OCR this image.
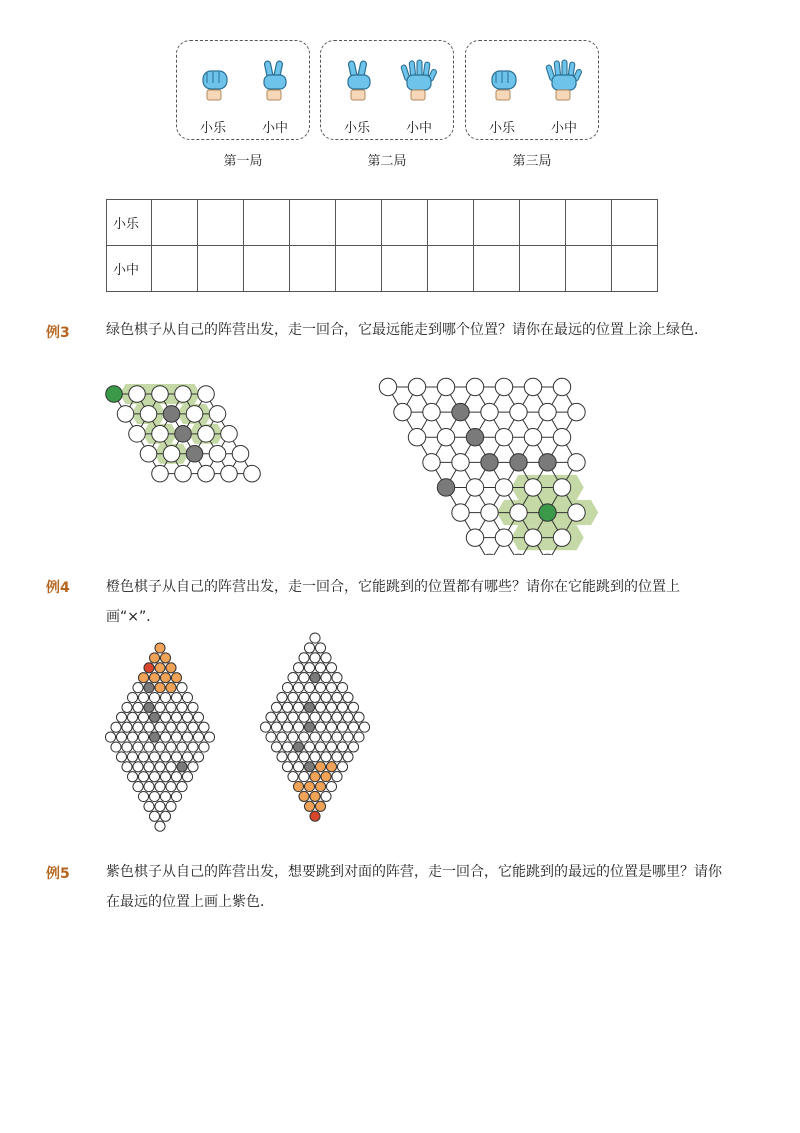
小乐	小中	小乐	小中	小乐	小中
第一局	第二局	第三局
小乐											
小中											
例3	绿色棋子从自己的阵营出发，走一回合，它最远能走到哪个位置？请你在最远的位置上涂上绿色．
例4	橙色棋子从自己的阵营出发，走一回合，它能跳到的位置都有哪些？请你在它能跳到的位置上画“×”．
例5	紫色棋子从自己的阵营出发，想要跳到对面的阵营，走一回合，它能跳到的最远的位置是哪里？请你在最远的位置上画上紫色．
